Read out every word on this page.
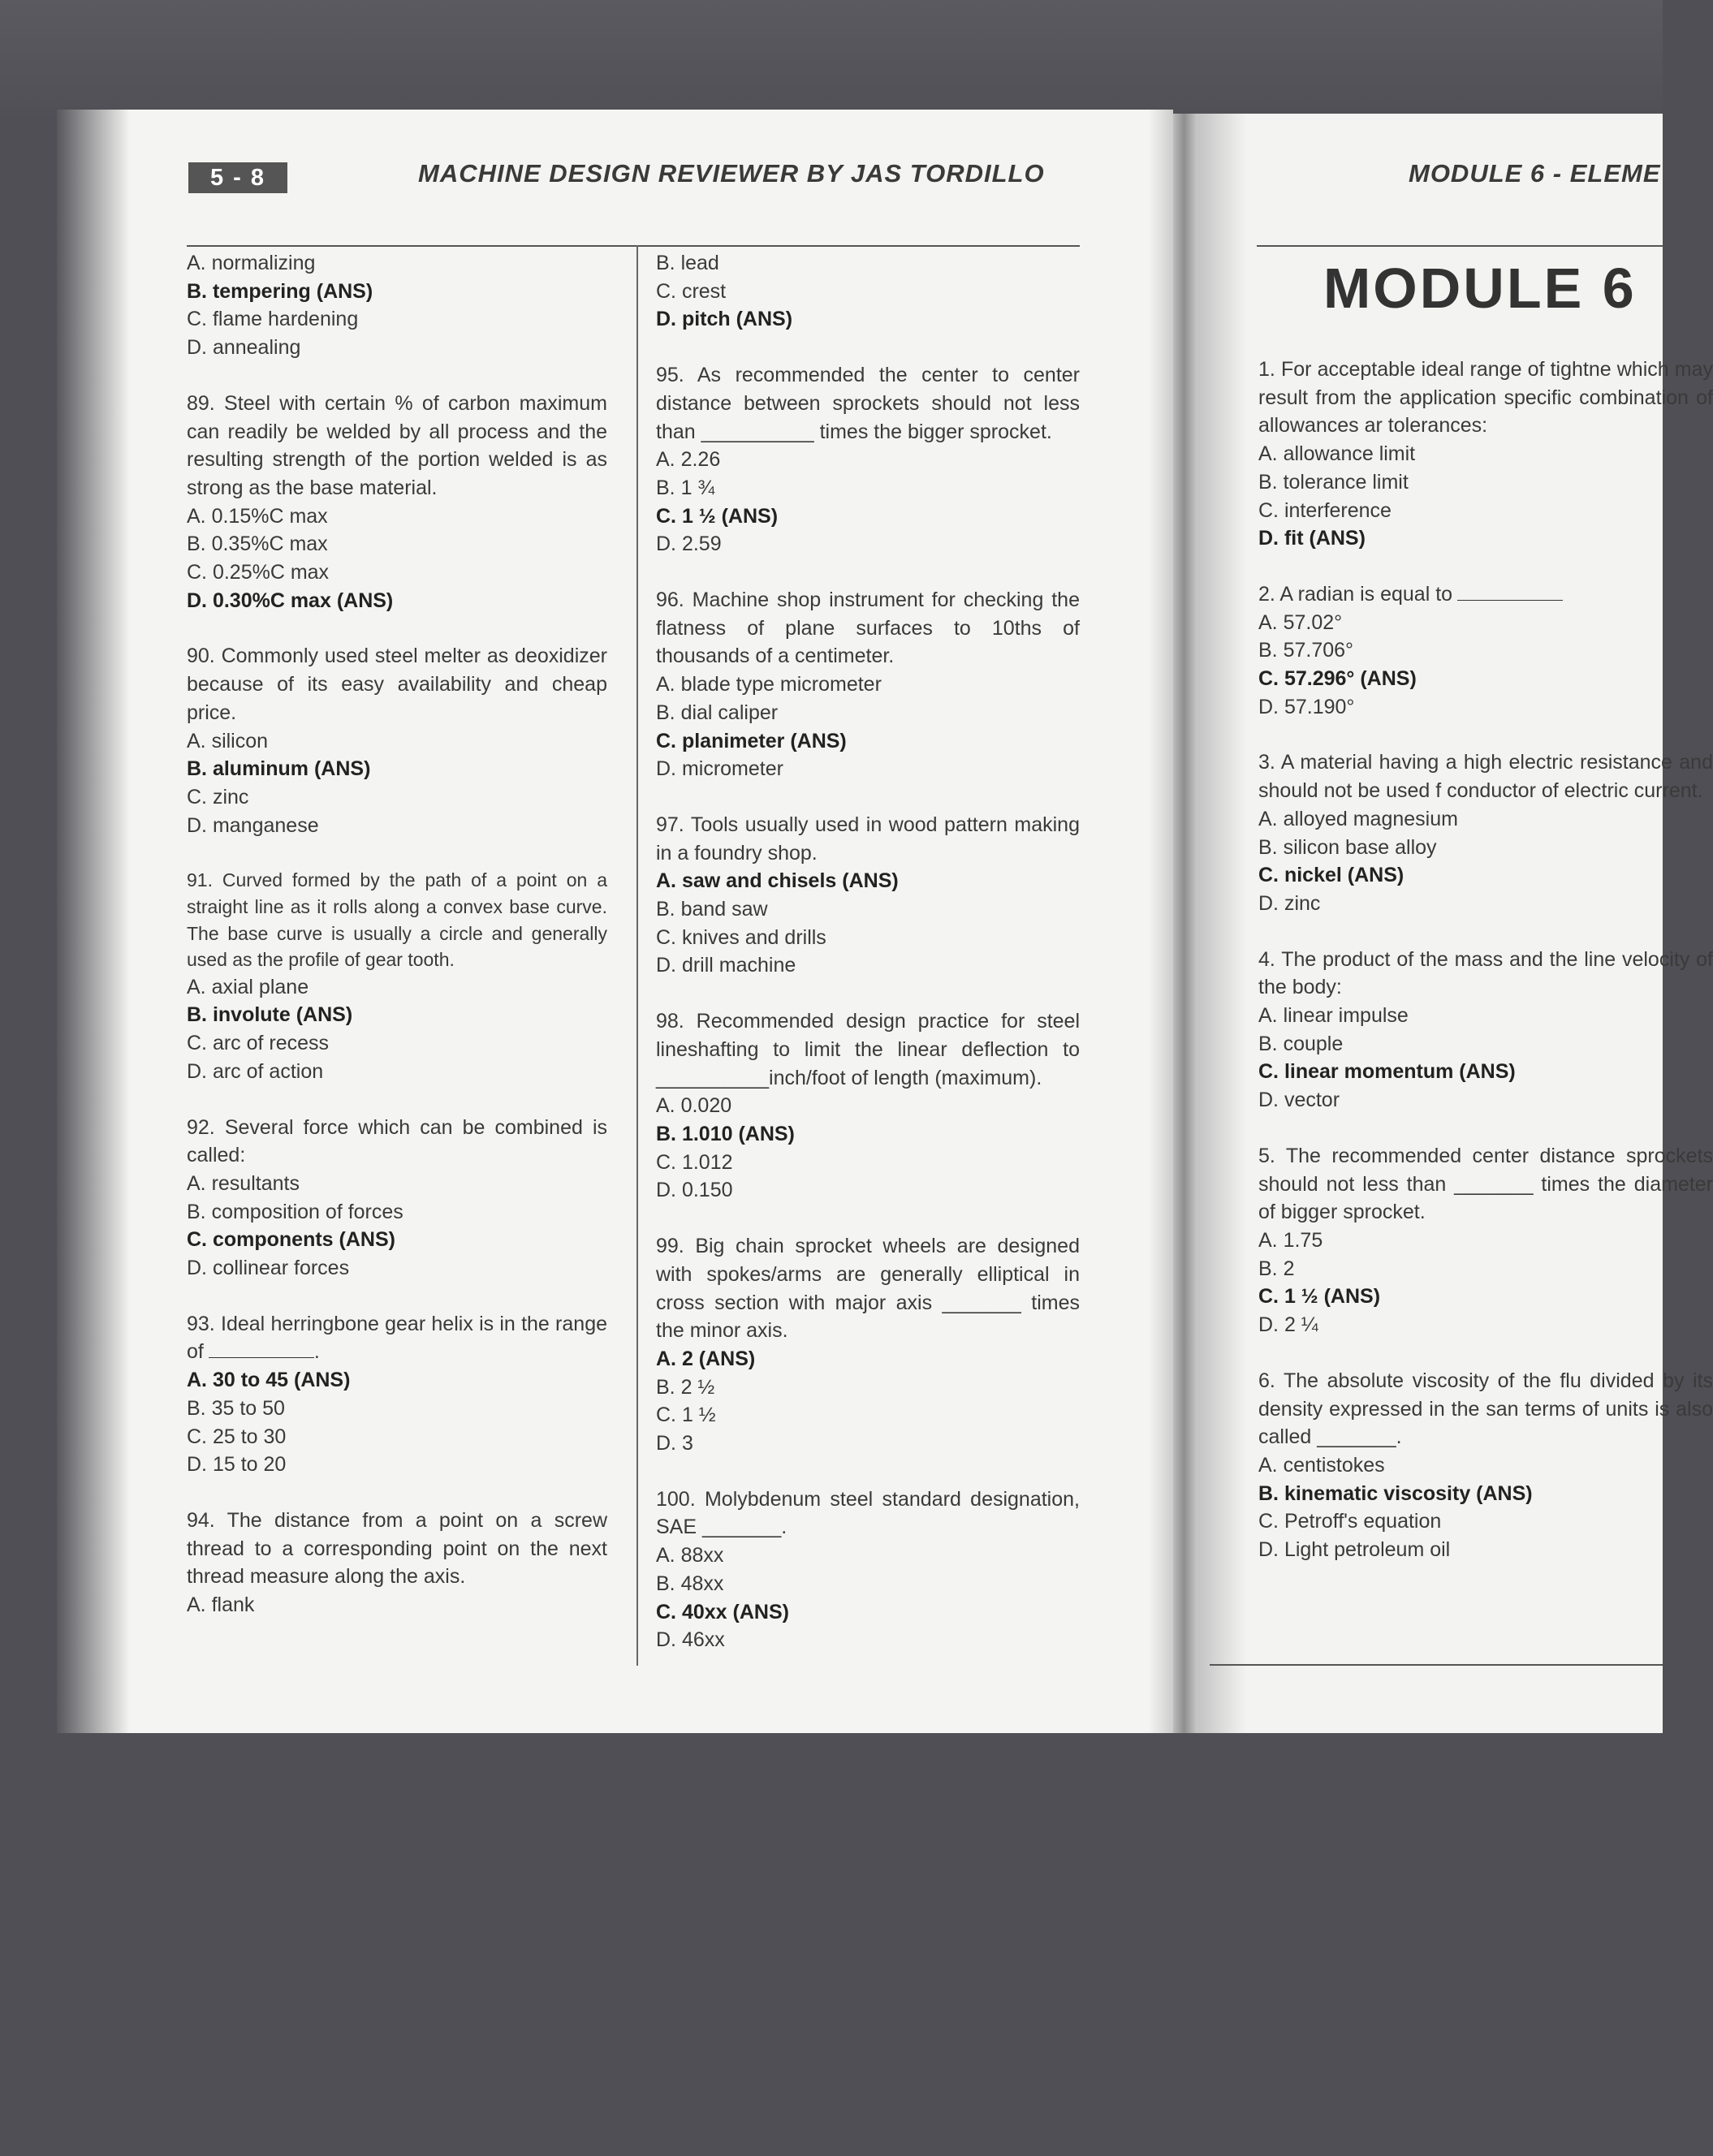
5 - 8	MACHINE DESIGN REVIEWER BY JAS TORDILLO	MODULE 6 - ELEME
MODULE 6
A. normalizing
B. tempering (ANS)
C. flame hardening
D. annealing
89. Steel with certain % of carbon maximum can readily be welded by all process and the resulting strength of the portion welded is as strong as the base material.
A. 0.15%C max
B. 0.35%C max
C. 0.25%C max
D. 0.30%C max (ANS)
90. Commonly used steel melter as deoxidizer because of its easy availability and cheap price.
A. silicon
B. aluminum (ANS)
C. zinc
D. manganese
91. Curved formed by the path of a point on a straight line as it rolls along a convex base curve. The base curve is usually a circle and generally used as the profile of gear tooth.
A. axial plane
B. involute (ANS)
C. arc of recess
D. arc of action
92. Several force which can be combined is called:
A. resultants
B. composition of forces
C. components (ANS)
D. collinear forces
93. Ideal herringbone gear helix is in the range of	.
A. 30 to 45 (ANS)
B. 35 to 50
C. 25 to 30
D. 15 to 20
94. The distance from a point on a screw thread to a corresponding point on the next thread measure along the axis.
A. flank
B. lead
C. crest
D. pitch (ANS)
95. As recommended the center to center distance between sprockets should not less than __________ times the bigger sprocket.
A. 2.26
B. 1 ¾
C. 1 ½ (ANS)
D. 2.59
96. Machine shop instrument for checking the flatness of plane surfaces to 10ths of thousands of a centimeter.
A. blade type micrometer
B. dial caliper
C. planimeter (ANS)
D. micrometer
97. Tools usually used in wood pattern making in a foundry shop.
A. saw and chisels (ANS)
B. band saw
C. knives and drills
D. drill machine
98. Recommended design practice for steel lineshafting to limit the linear deflection to __________inch/foot of length (maximum).
A. 0.020
B. 1.010 (ANS)
C. 1.012
D. 0.150
99. Big chain sprocket wheels are designed with spokes/arms are generally elliptical in cross section with major axis _______ times the minor axis.
A. 2 (ANS)
B. 2 ½
C. 1 ½
D. 3
100. Molybdenum steel standard designation, SAE _______.
A. 88xx
B. 48xx
C. 40xx (ANS)
D. 46xx
1. For acceptable ideal range of tightne which may result from the application specific combination of allowances ar tolerances:
A. allowance limit
B. tolerance limit
C. interference
D. fit (ANS)
2. A radian is equal to
A. 57.02°
B. 57.706°
C. 57.296° (ANS)
D. 57.190°
3. A material having a high electric resistance and should not be used f conductor of electric current.
A. alloyed magnesium
B. silicon base alloy
C. nickel (ANS)
D. zinc
4. The product of the mass and the line velocity of the body:
A. linear impulse
B. couple
C. linear momentum (ANS)
D. vector
5. The recommended center distance sprockets should not less than _______ times the diameter of bigger sprocket.
A. 1.75
B. 2
C. 1 ½ (ANS)
D. 2 ¼
6. The absolute viscosity of the flu divided by its density expressed in the san terms of units is also called _______.
A. centistokes
B. kinematic viscosity (ANS)
C. Petroff's equation
D. Light petroleum oil
